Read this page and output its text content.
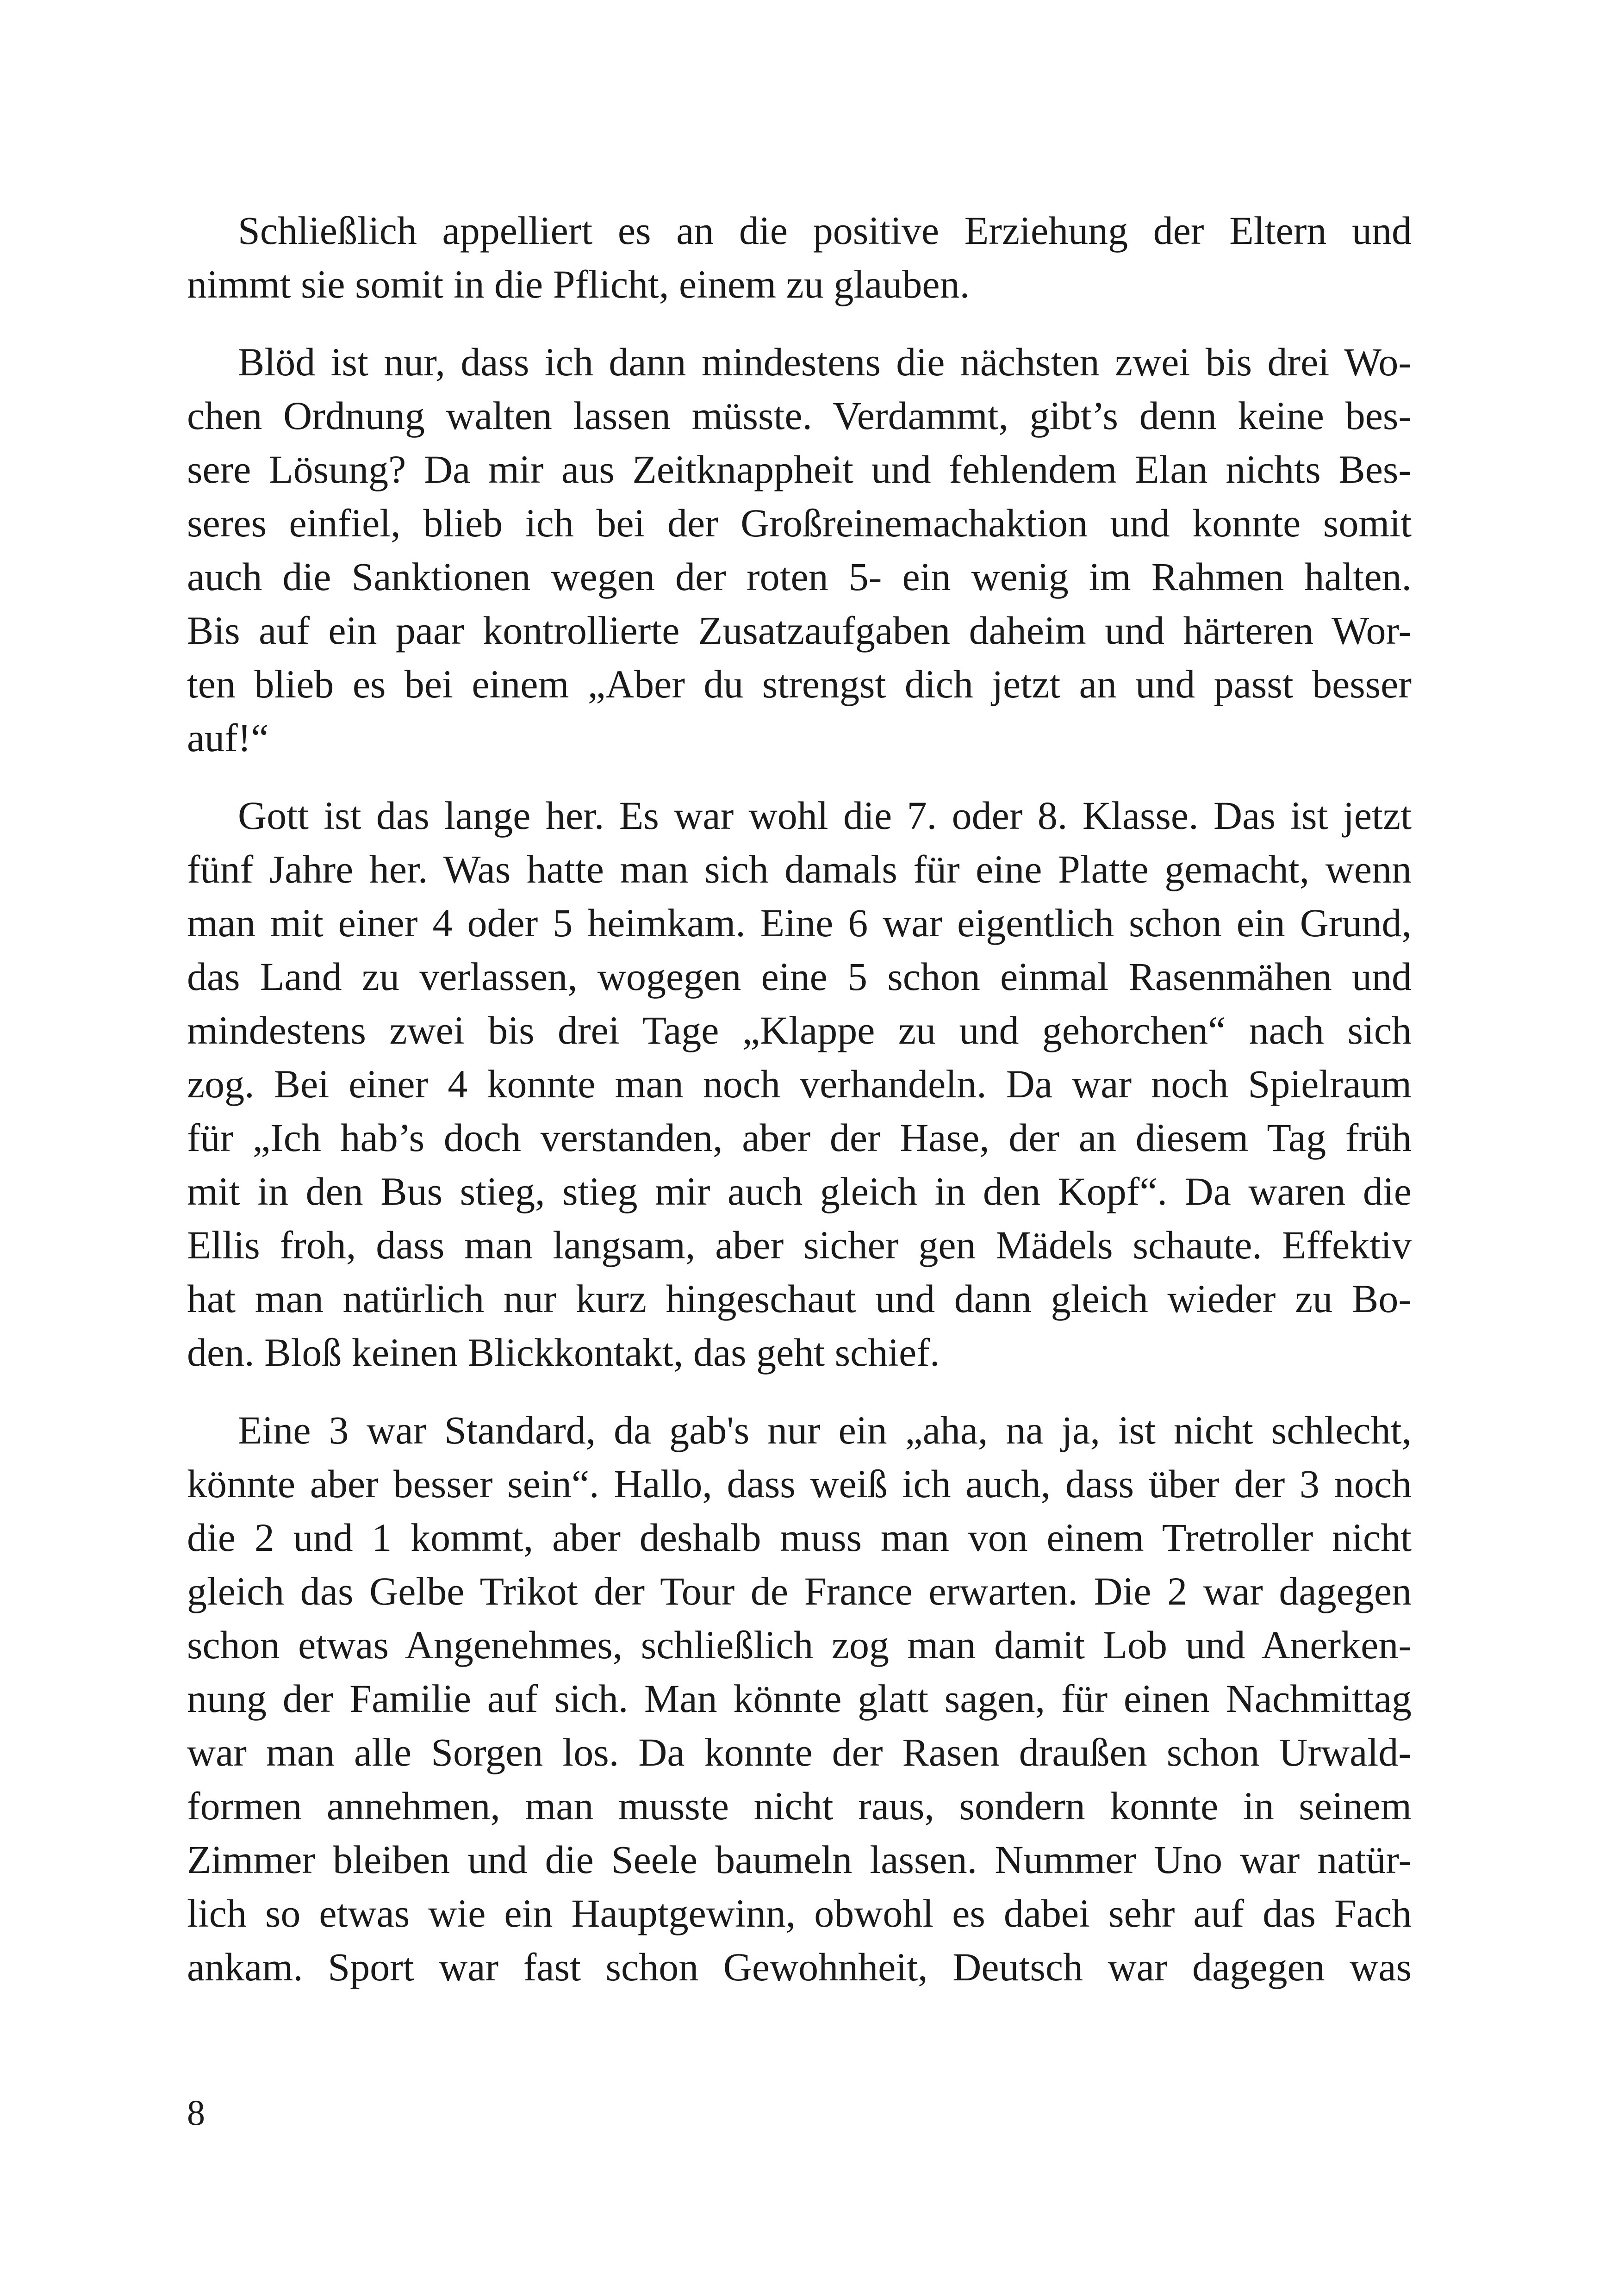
Schließlich appelliert es an die positive Erziehung der Eltern und
nimmt sie somit in die Pflicht, einem zu glauben.
Blöd ist nur, dass ich dann mindestens die nächsten zwei bis drei Wo-
chen Ordnung walten lassen müsste. Verdammt, gibt’s denn keine bes-
sere Lösung? Da mir aus Zeitknappheit und fehlendem Elan nichts Bes-
seres einfiel, blieb ich bei der Großreinemachaktion und konnte somit
auch die Sanktionen wegen der roten 5- ein wenig im Rahmen halten.
Bis auf ein paar kontrollierte Zusatzaufgaben daheim und härteren Wor-
ten blieb es bei einem „Aber du strengst dich jetzt an und passt besser
auf!“
Gott ist das lange her. Es war wohl die 7. oder 8. Klasse. Das ist jetzt
fünf Jahre her. Was hatte man sich damals für eine Platte gemacht, wenn
man mit einer 4 oder 5 heimkam. Eine 6 war eigentlich schon ein Grund,
das Land zu verlassen, wogegen eine 5 schon einmal Rasenmähen und
mindestens zwei bis drei Tage „Klappe zu und gehorchen“ nach sich
zog. Bei einer 4 konnte man noch verhandeln. Da war noch Spielraum
für „Ich hab’s doch verstanden, aber der Hase, der an diesem Tag früh
mit in den Bus stieg, stieg mir auch gleich in den Kopf“. Da waren die
Ellis froh, dass man langsam, aber sicher gen Mädels schaute. Effektiv
hat man natürlich nur kurz hingeschaut und dann gleich wieder zu Bo-
den. Bloß keinen Blickkontakt, das geht schief.
Eine 3 war Standard, da gab's nur ein „aha, na ja, ist nicht schlecht,
könnte aber besser sein“. Hallo, dass weiß ich auch, dass über der 3 noch
die 2 und 1 kommt, aber deshalb muss man von einem Tretroller nicht
gleich das Gelbe Trikot der Tour de France erwarten. Die 2 war dagegen
schon etwas Angenehmes, schließlich zog man damit Lob und Anerken-
nung der Familie auf sich. Man könnte glatt sagen, für einen Nachmittag
war man alle Sorgen los. Da konnte der Rasen draußen schon Urwald-
formen annehmen, man musste nicht raus, sondern konnte in seinem
Zimmer bleiben und die Seele baumeln lassen. Nummer Uno war natür-
lich so etwas wie ein Hauptgewinn, obwohl es dabei sehr auf das Fach
ankam. Sport war fast schon Gewohnheit, Deutsch war dagegen was
8
